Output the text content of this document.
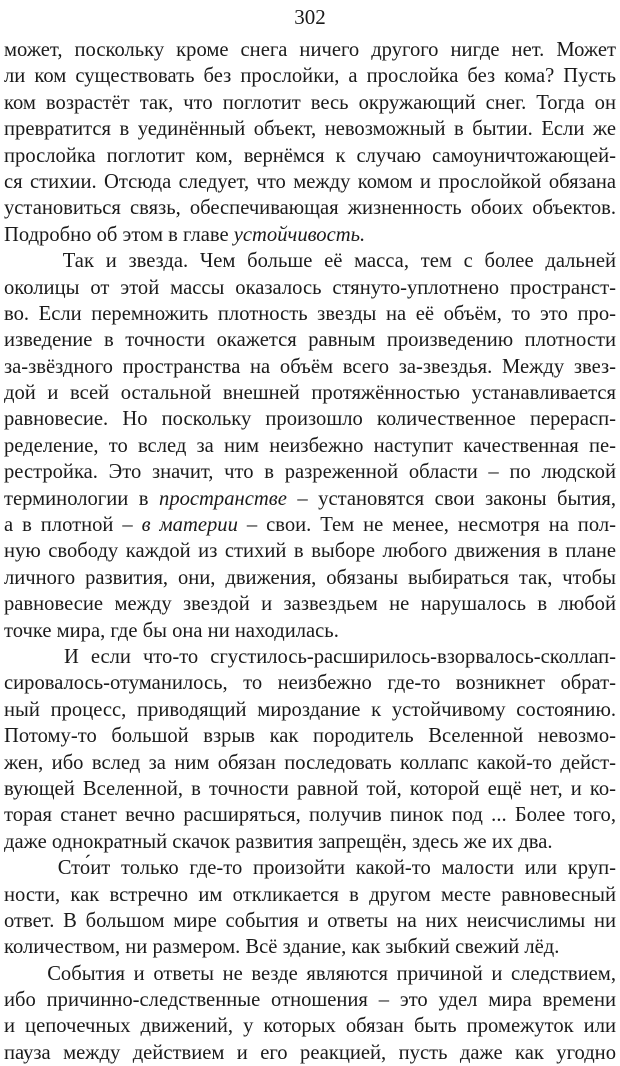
302
может, поскольку кроме снега ничего другого нигде нет. Может
ли ком существовать без прослойки, а прослойка без кома? Пусть
ком возрастёт так, что поглотит весь окружающий снег. Тогда он
превратится в уединённый объект, невозможный в бытии. Если же
прослойка поглотит ком, вернёмся к случаю самоуничтожающей-
ся стихии. Отсюда следует, что между комом и прослойкой обязана
установиться связь, обеспечивающая жизненность обоих объектов.
Подробно об этом в главе устойчивость.
Так и звезда. Чем больше её масса, тем с более дальней
околицы от этой массы оказалось стянуто-уплотнено пространст-
во. Если перемножить плотность звезды на её объём, то это про-
изведение в точности окажется равным произведению плотности
за-звёздного пространства на объём всего за-звездья. Между звез-
дой и всей остальной внешней протяжённостью устанавливается
равновесие. Но поскольку произошло количественное перерасп-
ределение, то вслед за ним неизбежно наступит качественная пе-
рестройка. Это значит, что в разреженной области – по людской
терминологии в пространстве – установятся свои законы бытия,
а в плотной – в материи – свои. Тем не менее, несмотря на пол-
ную свободу каждой из стихий в выборе любого движения в плане
личного развития, они, движения, обязаны выбираться так, чтобы
равновесие между звездой и зазвездьем не нарушалось в любой
точке мира, где бы она ни находилась.
И если что-то сгустилось-расширилось-взорвалось-сколлап-
сировалось-отуманилось, то неизбежно где-то возникнет обрат-
ный процесс, приводящий мироздание к устойчивому состоянию.
Потому-то большой взрыв как породитель Вселенной невозмо-
жен, ибо вслед за ним обязан последовать коллапс какой-то дейст-
вующей Вселенной, в точности равной той, которой ещё нет, и ко-
торая станет вечно расширяться, получив пинок под ... Более того,
даже однократный скачок развития запрещён, здесь же их два.
Сто́ит только где-то произойти какой-то малости или круп-
ности, как встречно им откликается в другом месте равновесный
ответ. В большом мире события и ответы на них неисчислимы ни
количеством, ни размером. Всё здание, как зыбкий свежий лёд.
События и ответы не везде являются причиной и следствием,
ибо причинно-следственные отношения – это удел мира времени
и цепочечных движений, у которых обязан быть промежуток или
пауза между действием и его реакцией, пусть даже как угодно
